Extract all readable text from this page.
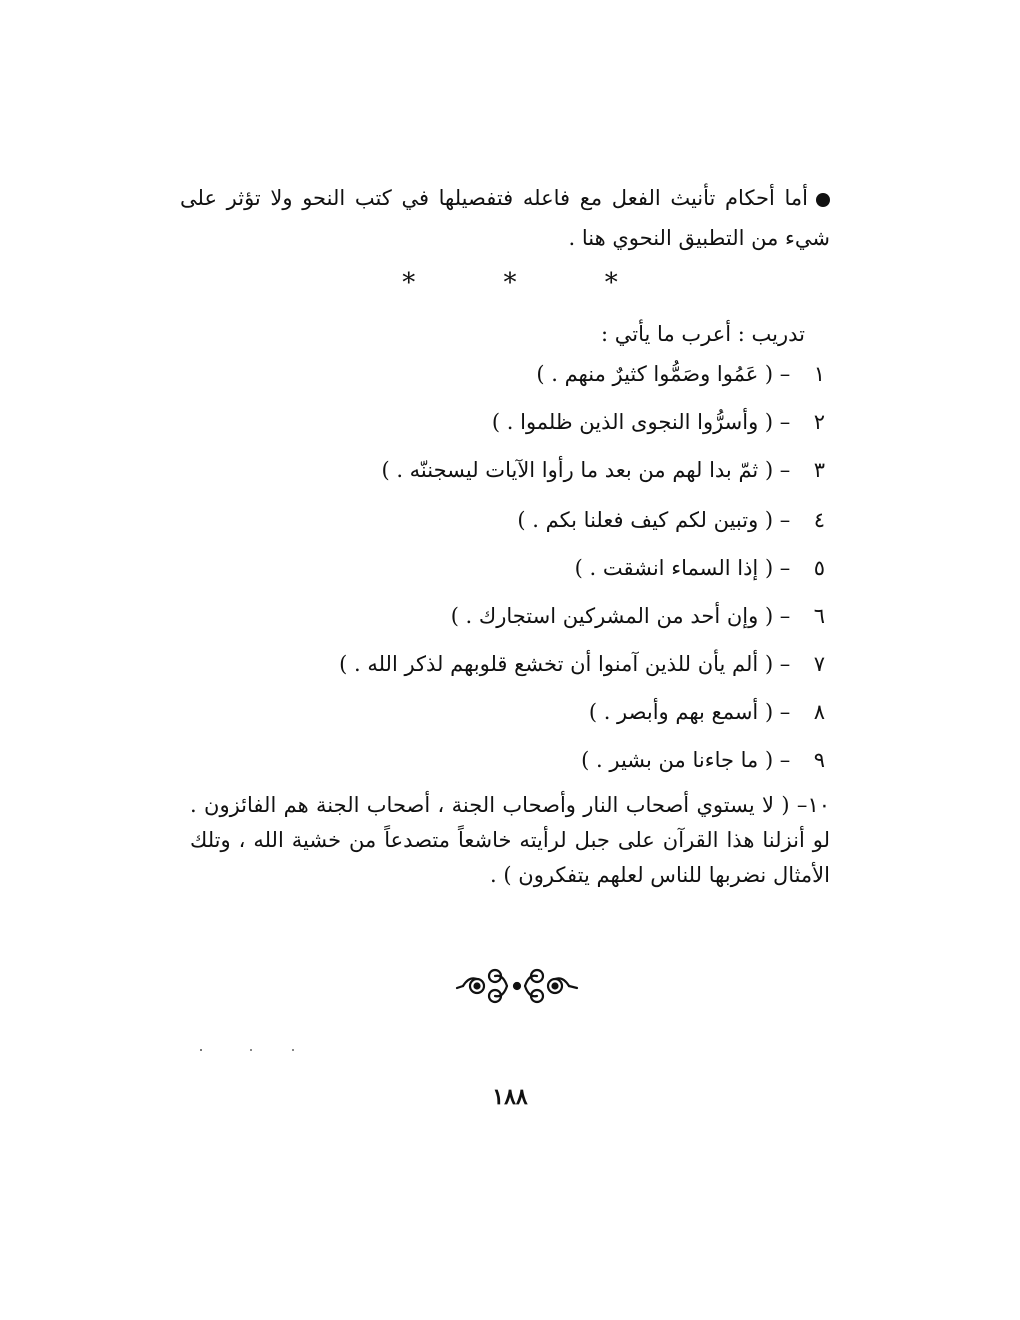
أما أحكام تأنيث الفعل مع فاعله فتفصيلها في كتب النحو ولا تؤثر على شيء من التطبيق النحوي هنا .

* * *
تدريب : أعرب ما يأتي :
١ – ( عَمُوا وصَمُّوا كثيرٌ منهم . )
٢ – ( وأسرُّوا النجوى الذين ظلموا . )
٣ – ( ثمّ بدا لهم من بعد ما رأوا الآيات ليسجننّه . )
٤ – ( وتبين لكم كيف فعلنا بكم . )
٥ – ( إذا السماء انشقت . )
٦ – ( وإن أحد من المشركين استجارك . )
٧ – ( ألم يأن للذين آمنوا أن تخشع قلوبهم لذكر الله . )
٨ – ( أسمع بهم وأبصر . )
٩ – ( ما جاءنا من بشير . )

١٠– ( لا يستوي أصحاب النار وأصحاب الجنة ، أصحاب الجنة هم الفائزون . لو أنزلنا هذا القرآن على جبل لرأيته خاشعاً متصدعاً من خشية الله ، وتلك الأمثال نضربها للناس لعلهم يتفكرون ) .

١٨٨
